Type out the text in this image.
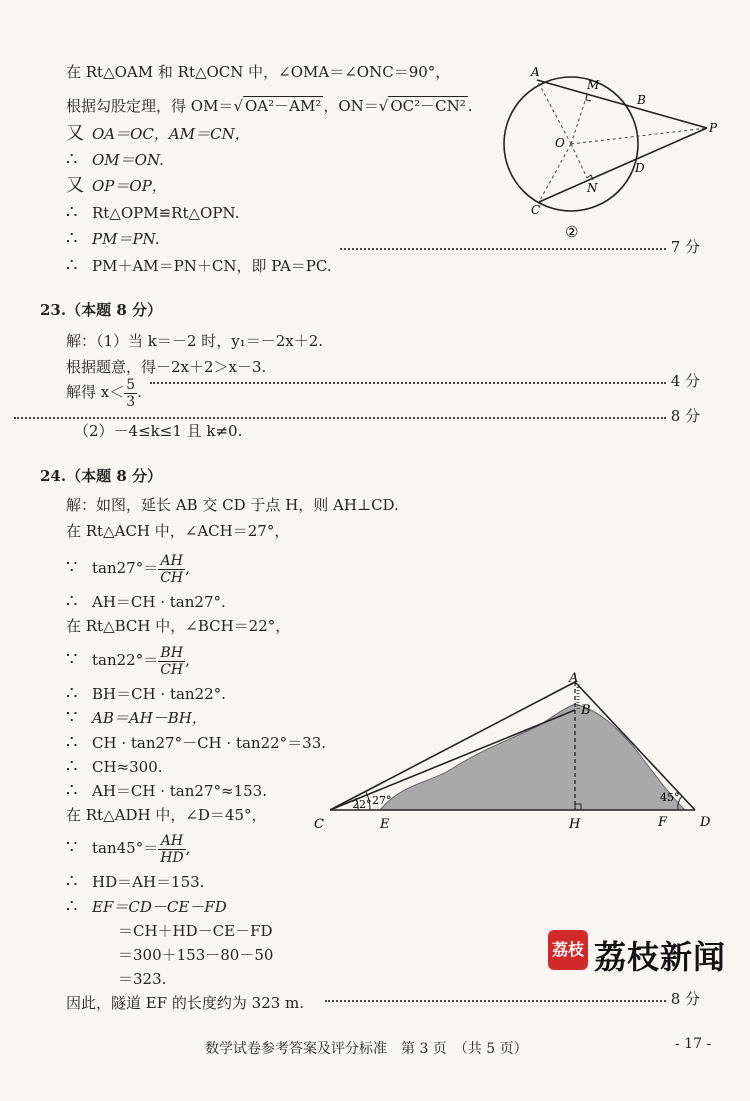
在 Rt△OAM 和 Rt△OCN 中，∠OMA＝∠ONC＝90°，
根据勾股定理，得 OM＝√ OA²－AM² ，ON＝√ OC²－CN² .
又 OA＝OC，AM＝CN，
∴ OM＝ON.
又 OP＝OP，
∴ Rt△OPM≌Rt△OPN.
∴ PM＝PN.
∴ PM＋AM＝PN＋CN，即 PA＝PC.
7 分
A
M
B
P
O
D
N
C
②
23.（本题 8 分）
解：（1）当 k＝－2 时，y₁＝－2x＋2.
根据题意，得－2x＋2＞x－3.
解得 $x< \frac{5}{3}$ .
4 分
8 分
（2）－4≤k≤1 且 k≠0.
24.（本题 8 分）
解：如图，延长 AB 交 CD 于点 H，则 AH⊥CD.
在 Rt△ACH 中，∠ACH＝27°，
∵ $\tan 27^\circ= \frac{AH}{CH}$ ,
∴ AH＝CH · tan27°.
在 Rt△BCH 中，∠BCH＝22°，
∵ $\tan 22^\circ= \frac{BH}{CH}$ ,
∴ BH＝CH · tan22°.
∵ AB＝AH－BH，
∴ CH · tan27°－CH · tan22°＝33.
∴ CH≈300.
∴ AH＝CH · tan27°≈153.
在 Rt△ADH 中，∠D＝45°，
∵ $\tan 45^\circ= \frac{AH}{HD}$ ,
∴ HD＝AH＝153.
∴ EF＝CD－CE－FD
＝CH＋HD－CE－FD
＝300＋153－80－50
＝323.
因此，隧道 EF 的长度约为 323 m.	8 分
22° 27°	45°
A
B
C	E	H	F	D
荔枝 荔枝新闻
数学试卷参考答案及评分标准　第 3 页　（共 5 页）	- 17 -
